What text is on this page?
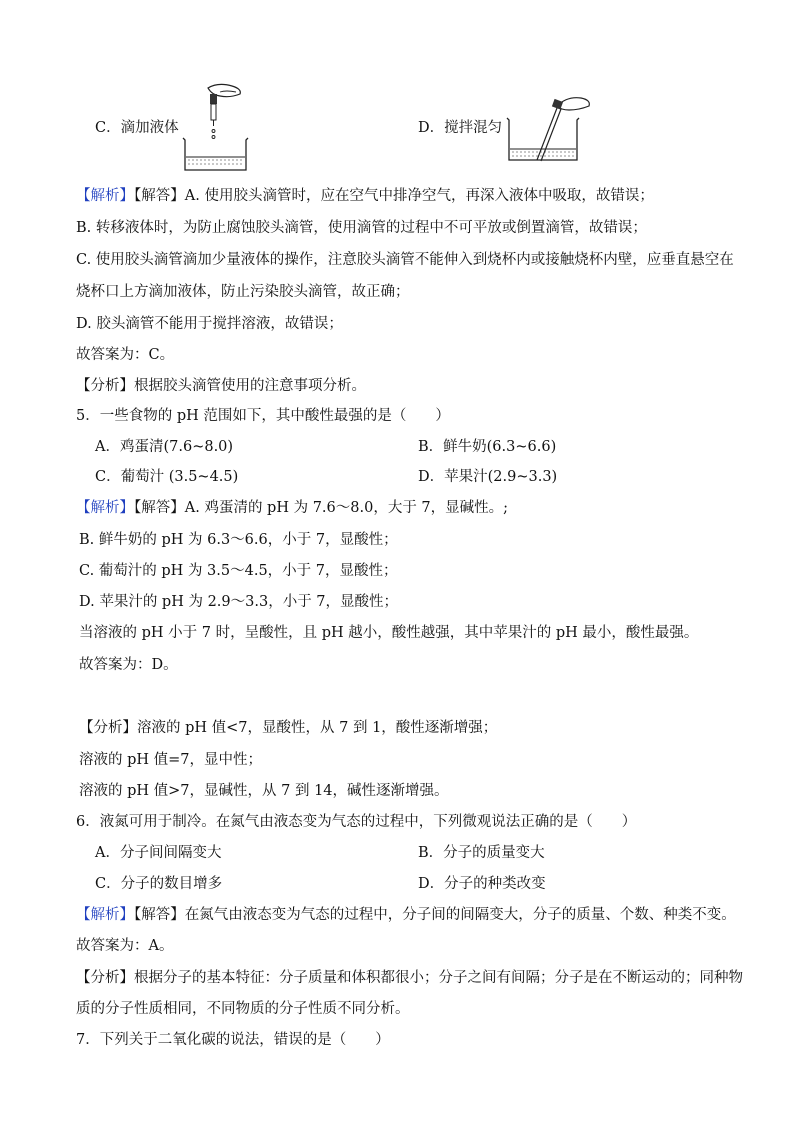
C．滴加液体	D．搅拌混匀
【解析】【解答】A. 使用胶头滴管时，应在空气中排净空气，再深入液体中吸取，故错误；
B. 转移液体时，为防止腐蚀胶头滴管，使用滴管的过程中不可平放或倒置滴管，故错误；
C. 使用胶头滴管滴加少量液体的操作，注意胶头滴管不能伸入到烧杯内或接触烧杯内壁，应垂直悬空在
烧杯口上方滴加液体，防止污染胶头滴管，故正确；
D. 胶头滴管不能用于搅拌溶液，故错误；
故答案为：C。
【分析】根据胶头滴管使用的注意事项分析。
5．一些食物的 pH 范围如下，其中酸性最强的是（　　）
A．鸡蛋清(7.6~8.0)	B．鲜牛奶(6.3~6.6)
C．葡萄汁 (3.5~4.5)	D．苹果汁(2.9~3.3)
【解析】【解答】A. 鸡蛋清的 pH 为 7.6～8.0，大于 7，显碱性。;
B. 鲜牛奶的 pH 为 6.3～6.6，小于 7，显酸性；
C. 葡萄汁的 pH 为 3.5～4.5，小于 7，显酸性；
D. 苹果汁的 pH 为 2.9～3.3，小于 7，显酸性；
当溶液的 pH 小于 7 时，呈酸性，且 pH 越小，酸性越强，其中苹果汁的 pH 最小，酸性最强。
故答案为：D。
【分析】溶液的 pH 值<7，显酸性，从 7 到 1，酸性逐渐增强；
溶液的 pH 值=7，显中性；
溶液的 pH 值>7，显碱性，从 7 到 14，碱性逐渐增强。
6．液氮可用于制冷。在氮气由液态变为气态的过程中，下列微观说法正确的是（　　）
A．分子间间隔变大	B．分子的质量变大
C．分子的数目增多	D．分子的种类改变
【解析】【解答】在氮气由液态变为气态的过程中，分子间的间隔变大，分子的质量、个数、种类不变。
故答案为：A。
【分析】根据分子的基本特征：分子质量和体积都很小；分子之间有间隔；分子是在不断运动的；同种物
质的分子性质相同，不同物质的分子性质不同分析。
7．下列关于二氧化碳的说法，错误的是（　　）
